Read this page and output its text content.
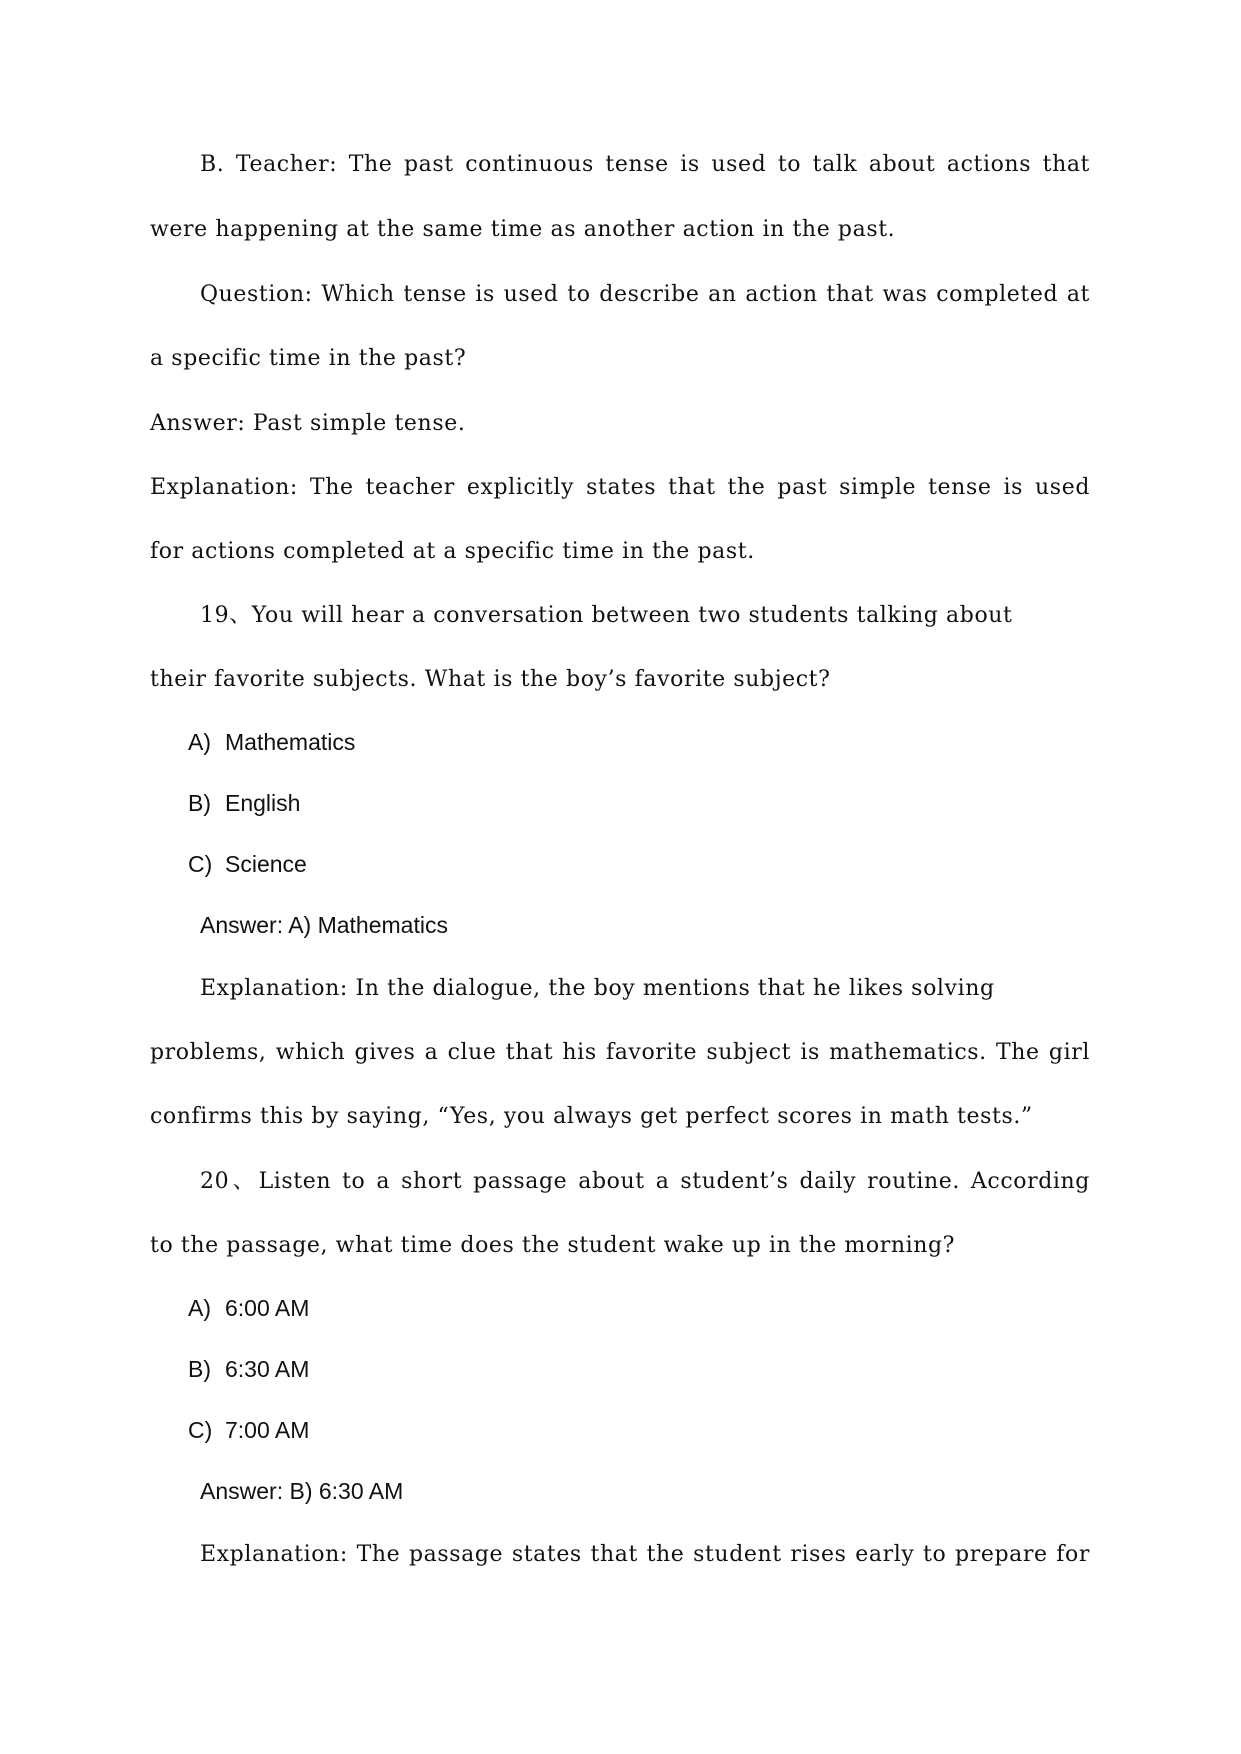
B. Teacher: The past continuous tense is used to talk about actions that
were happening at the same time as another action in the past.
Question: Which tense is used to describe an action that was completed at
a specific time in the past?
Answer: Past simple tense.
Explanation: The teacher explicitly states that the past simple tense is used
for actions completed at a specific time in the past.
19、You will hear a conversation between two students talking about
their favorite subjects. What is the boy’s favorite subject?
A) Mathematics
B) English
C) Science
Answer: A) Mathematics
Explanation: In the dialogue, the boy mentions that he likes solving
problems, which gives a clue that his favorite subject is mathematics. The girl
confirms this by saying, “Yes, you always get perfect scores in math tests.”
20、Listen to a short passage about a student’s daily routine. According
to the passage, what time does the student wake up in the morning?
A) 6:00 AM
B) 6:30 AM
C) 7:00 AM
Answer: B) 6:30 AM
Explanation: The passage states that the student rises early to prepare for
